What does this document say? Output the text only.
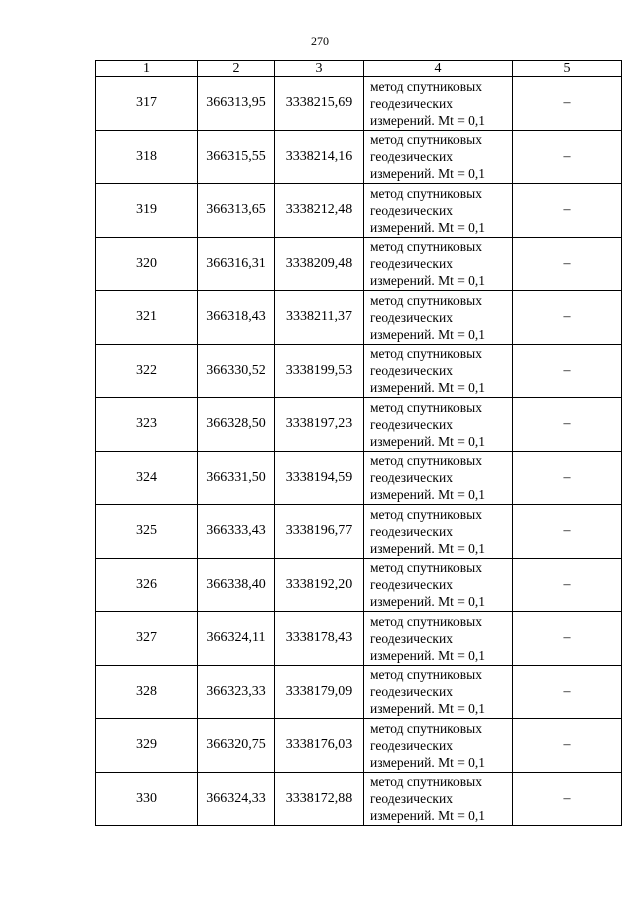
270
1	2	3	4	5
317	366313,95	3338215,69	метод спутниковых
геодезических
измерений. Mt = 0,1	–
318	366315,55	3338214,16	метод спутниковых
геодезических
измерений. Mt = 0,1	–
319	366313,65	3338212,48	метод спутниковых
геодезических
измерений. Mt = 0,1	–
320	366316,31	3338209,48	метод спутниковых
геодезических
измерений. Mt = 0,1	–
321	366318,43	3338211,37	метод спутниковых
геодезических
измерений. Mt = 0,1	–
322	366330,52	3338199,53	метод спутниковых
геодезических
измерений. Mt = 0,1	–
323	366328,50	3338197,23	метод спутниковых
геодезических
измерений. Mt = 0,1	–
324	366331,50	3338194,59	метод спутниковых
геодезических
измерений. Mt = 0,1	–
325	366333,43	3338196,77	метод спутниковых
геодезических
измерений. Mt = 0,1	–
326	366338,40	3338192,20	метод спутниковых
геодезических
измерений. Mt = 0,1	–
327	366324,11	3338178,43	метод спутниковых
геодезических
измерений. Mt = 0,1	–
328	366323,33	3338179,09	метод спутниковых
геодезических
измерений. Mt = 0,1	–
329	366320,75	3338176,03	метод спутниковых
геодезических
измерений. Mt = 0,1	–
330	366324,33	3338172,88	метод спутниковых
геодезических
измерений. Mt = 0,1	–
